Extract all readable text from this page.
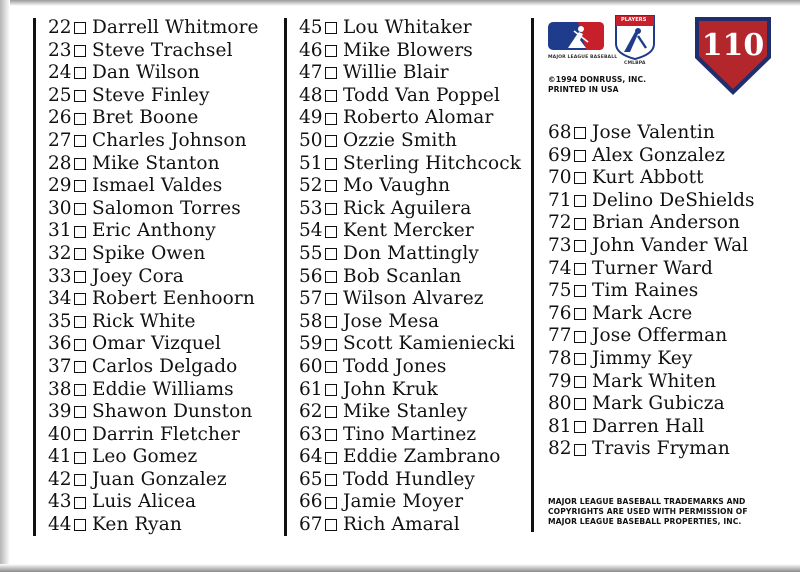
22 Darrell Whitmore
23 Steve Trachsel
24 Dan Wilson
25 Steve Finley
26 Bret Boone
27 Charles Johnson
28 Mike Stanton
29 Ismael Valdes
30 Salomon Torres
31 Eric Anthony
32 Spike Owen
33 Joey Cora
34 Robert Eenhoorn
35 Rick White
36 Omar Vizquel
37 Carlos Delgado
38 Eddie Williams
39 Shawon Dunston
40 Darrin Fletcher
41 Leo Gomez
42 Juan Gonzalez
43 Luis Alicea
44 Ken Ryan
45 Lou Whitaker
46 Mike Blowers
47 Willie Blair
48 Todd Van Poppel
49 Roberto Alomar
50 Ozzie Smith
51 Sterling Hitchcock
52 Mo Vaughn
53 Rick Aguilera
54 Kent Mercker
55 Don Mattingly
56 Bob Scanlan
57 Wilson Alvarez
58 Jose Mesa
59 Scott Kamieniecki
60 Todd Jones
61 John Kruk
62 Mike Stanley
63 Tino Martinez
64 Eddie Zambrano
65 Todd Hundley
66 Jamie Moyer
67 Rich Amaral
68 Jose Valentin
69 Alex Gonzalez
70 Kurt Abbott
71 Delino DeShields
72 Brian Anderson
73 John Vander Wal
74 Turner Ward
75 Tim Raines
76 Mark Acre
77 Jose Offerman
78 Jimmy Key
79 Mark Whiten
80 Mark Gubicza
81 Darren Hall
82 Travis Fryman
MAJOR LEAGUE BASEBALL
PLAYERS
CMLBPA
110
©1994 DONRUSS, INC.
PRINTED IN USA
MAJOR LEAGUE BASEBALL TRADEMARKS AND
COPYRIGHTS ARE USED WITH PERMISSION OF
MAJOR LEAGUE BASEBALL PROPERTIES, INC.
